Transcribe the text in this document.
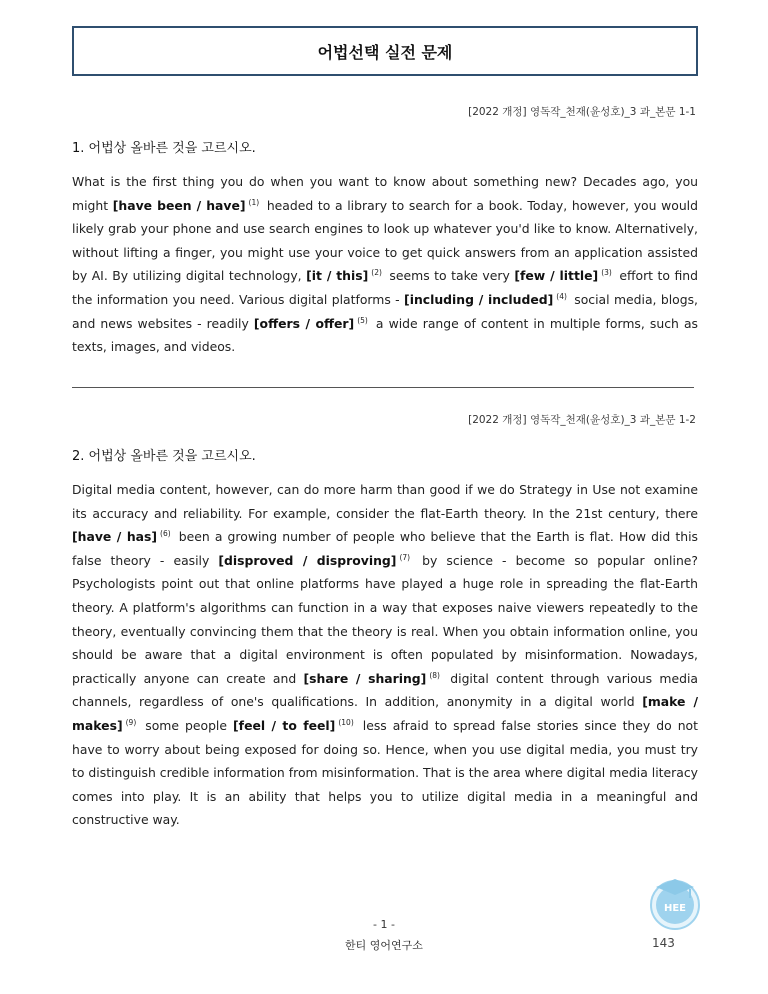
어법선택 실전 문제
[2022 개정] 영독작_천재(윤성호)_3 과_본문 1-1
1. 어법상 올바른 것을 고르시오.
What is the first thing you do when you want to know about something new? Decades ago, you might [have been / have] $^{(1)}$ headed to a library to search for a book. Today, however, you would likely grab your phone and use search engines to look up whatever you'd like to know. Alternatively, without lifting a finger, you might use your voice to get quick answers from an application assisted by AI. By utilizing digital technology, [it / this] $^{(2)}$ seems to take very [few / little] $^{(3)}$ effort to find the information you need. Various digital platforms - [including / included] $^{(4)}$ social media, blogs, and news websites - readily [offers / offer] $^{(5)}$ a wide range of content in multiple forms, such as texts, images, and videos.
[2022 개정] 영독작_천재(윤성호)_3 과_본문 1-2
2. 어법상 올바른 것을 고르시오.
Digital media content, however, can do more harm than good if we do Strategy in Use not examine its accuracy and reliability. For example, consider the flat-Earth theory. In the 21st century, there [have / has] $^{(6)}$ been a growing number of people who believe that the Earth is flat. How did this false theory - easily [disproved / disproving] $^{(7)}$ by science - become so popular online? Psychologists point out that online platforms have played a huge role in spreading the flat-Earth theory. A platform's algorithms can function in a way that exposes naive viewers repeatedly to the theory, eventually convincing them that the theory is real. When you obtain information online, you should be aware that a digital environment is often populated by misinformation. Nowadays, practically anyone can create and [share / sharing] $^{(8)}$ digital content through various media channels, regardless of one's qualifications. In addition, anonymity in a digital world [make / makes] $^{(9)}$ some people [feel / to feel] $^{(10)}$ less afraid to spread false stories since they do not have to worry about being exposed for doing so. Hence, when you use digital media, you must try to distinguish credible information from misinformation. That is the area where digital media literacy comes into play. It is an ability that helps you to utilize digital media in a meaningful and constructive way.
HEE
- 1 -
한티 영어연구소	143
